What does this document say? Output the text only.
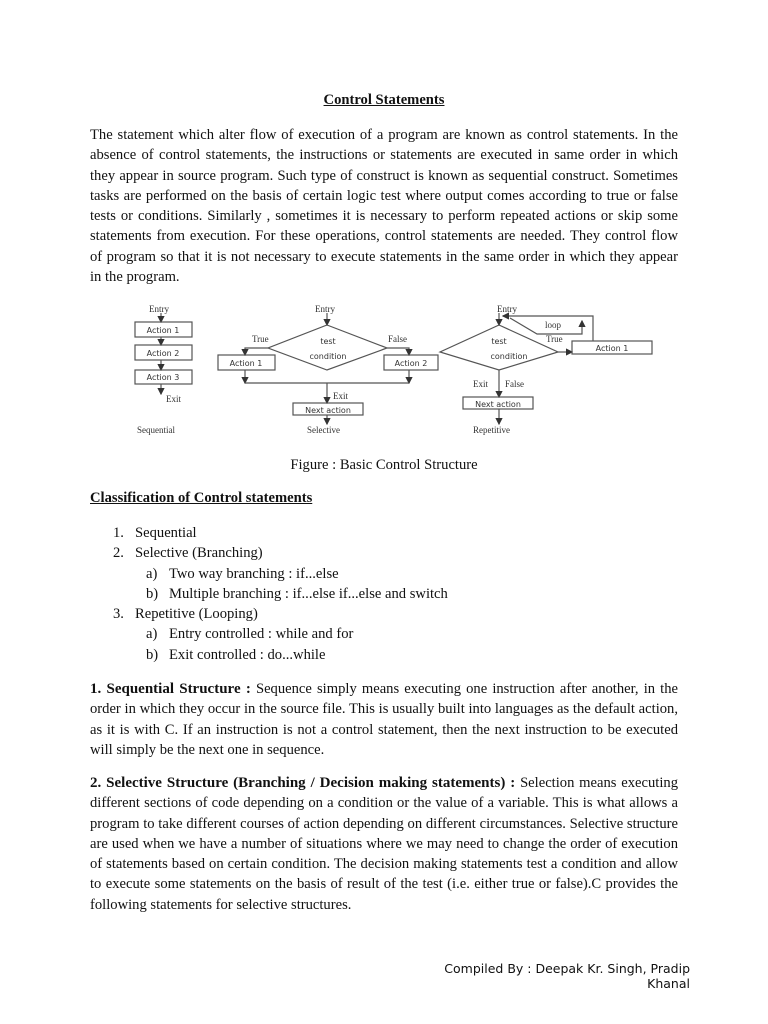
Control Statements
The statement which alter flow of execution of a program are known as control statements. In the absence of control statements, the instructions or statements are executed in same order in which they appear in source program. Such type of construct is known as sequential construct. Sometimes tasks are performed on the basis of certain logic test where output comes according to true or false tests or conditions. Similarly , sometimes it is necessary to perform repeated actions or skip some statements from execution. For these operations, control statements are needed. They control flow of program so that it is not necessary to execute statements in the same order in which they appear in the program.
Entry
Action 1
Action 2
Action 3
Exit
Sequential
Entry
test
condition
True	False
Action 1	Action 2
Exit
Next action
Selective
Entry
test
condition
loop
True
Action 1
Exit False
Next action
Repetitive
Figure : Basic Control Structure
Classification of Control statements
1. Sequential
2. Selective (Branching)
a) Two way branching : if...else
b) Multiple branching : if...else if...else and switch
3. Repetitive (Looping)
a) Entry controlled : while and for
b) Exit controlled : do...while
1. Sequential Structure : Sequence simply means executing one instruction after another, in the order in which they occur in the source file. This is usually built into languages as the default action, as it is with C. If an instruction is not a control statement, then the next instruction to be executed will simply be the next one in sequence.
2. Selective Structure (Branching / Decision making statements) : Selection means executing different sections of code depending on a condition or the value of a variable. This is what allows a program to take different courses of action depending on different circumstances. Selective structure are used when we have a number of situations where we may need to change the order of execution of statements based on certain condition. The decision making statements test a condition and allow to execute some statements on the basis of result of the test (i.e. either true or false).C provides the following statements for selective structures.
Compiled By : Deepak Kr. Singh, Pradip Khanal
